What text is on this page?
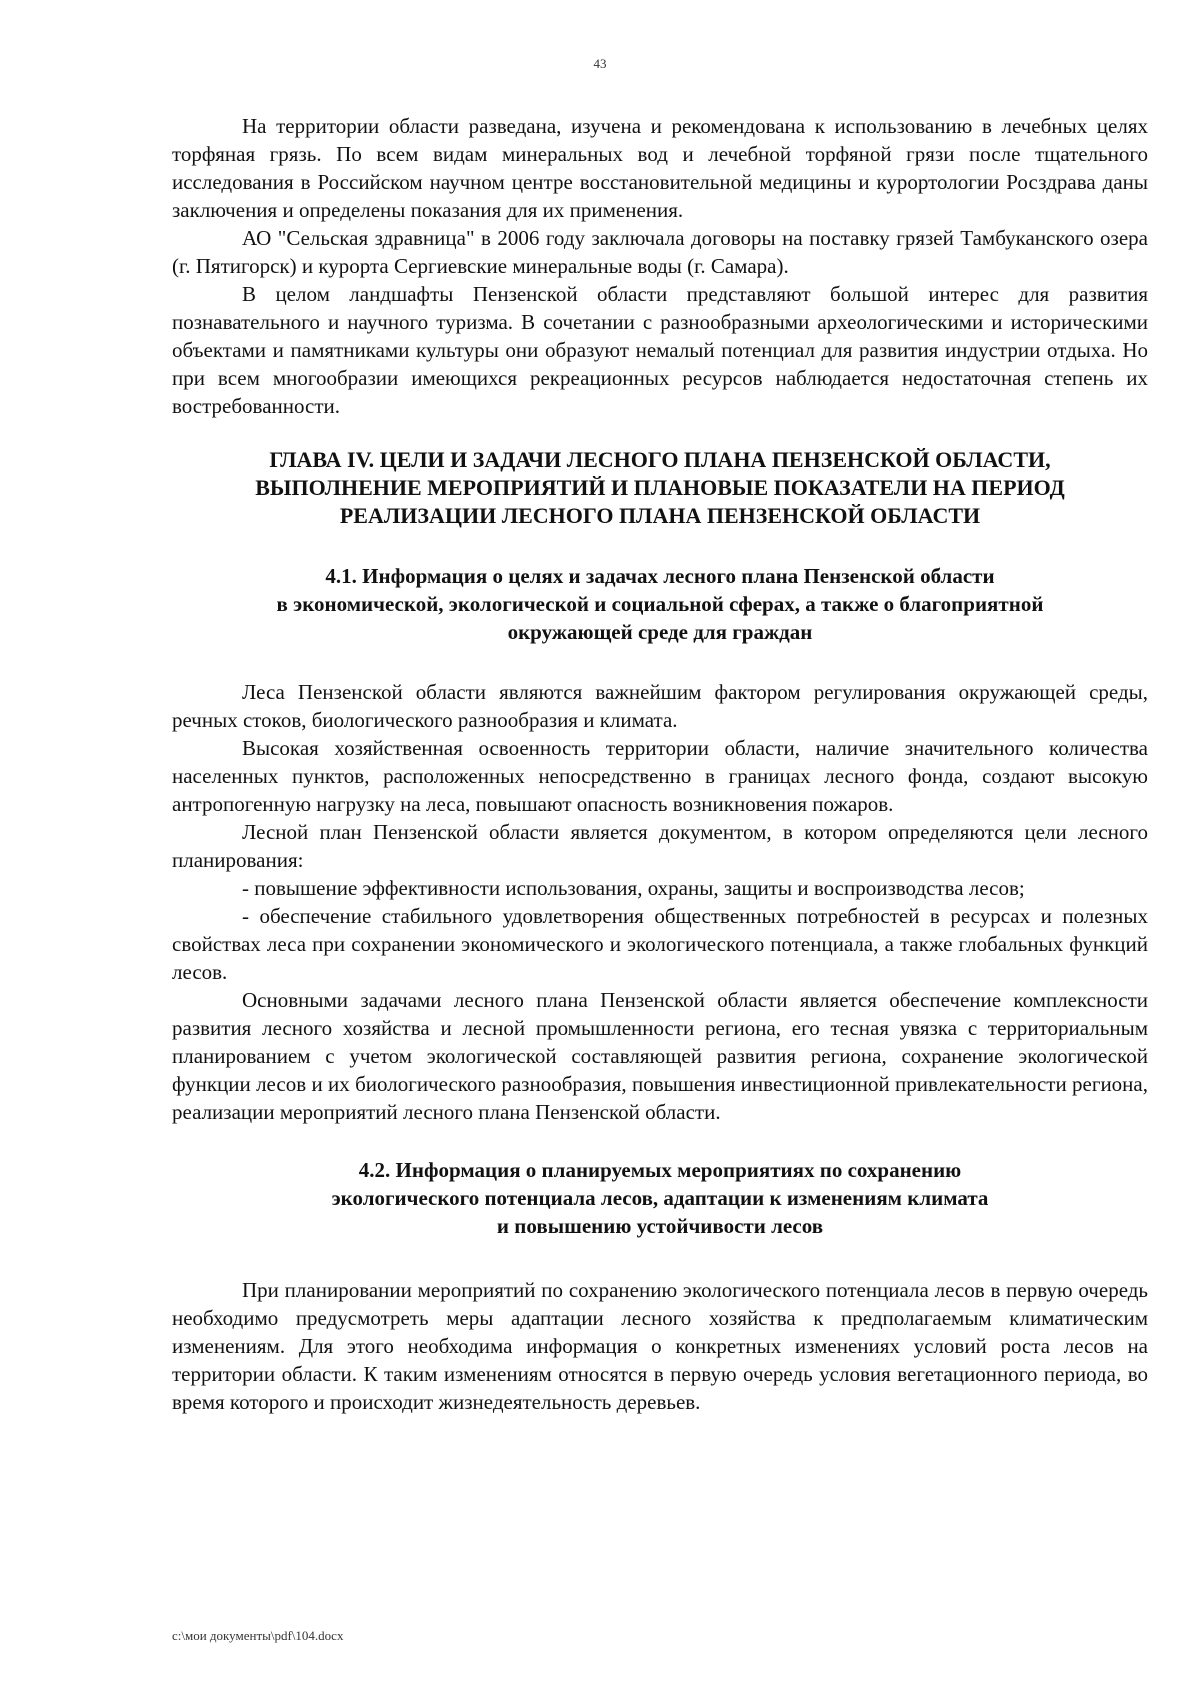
43

На территории области разведана, изучена и рекомендована к использованию в лечебных целях торфяная грязь. По всем видам минеральных вод и лечебной торфяной грязи после тщательного исследования в Российском научном центре восстановительной медицины и курортологии Росздрава даны заключения и определены показания для их применения.

АО "Сельская здравница" в 2006 году заключала договоры на поставку грязей Тамбуканского озера (г. Пятигорск) и курорта Сергиевские минеральные воды (г. Самара).

В целом ландшафты Пензенской области представляют большой интерес для развития познавательного и научного туризма. В сочетании с разнообразными археологическими и историческими объектами и памятниками культуры они образуют немалый потенциал для развития индустрии отдыха. Но при всем многообразии имеющихся рекреационных ресурсов наблюдается недостаточная степень их востребованности.

ГЛАВА IV. ЦЕЛИ И ЗАДАЧИ ЛЕСНОГО ПЛАНА ПЕНЗЕНСКОЙ ОБЛАСТИ,
ВЫПОЛНЕНИЕ МЕРОПРИЯТИЙ И ПЛАНОВЫЕ ПОКАЗАТЕЛИ НА ПЕРИОД
РЕАЛИЗАЦИИ ЛЕСНОГО ПЛАНА ПЕНЗЕНСКОЙ ОБЛАСТИ
4.1. Информация о целях и задачах лесного плана Пензенской области
в экономической, экологической и социальной сферах, а также о благоприятной
окружающей среде для граждан

Леса Пензенской области являются важнейшим фактором регулирования окружающей среды, речных стоков, биологического разнообразия и климата.

Высокая хозяйственная освоенность территории области, наличие значительного количества населенных пунктов, расположенных непосредственно в границах лесного фонда, создают высокую антропогенную нагрузку на леса, повышают опасность возникновения пожаров.

Лесной план Пензенской области является документом, в котором определяются цели лесного планирования:

- повышение эффективности использования, охраны, защиты и воспроизводства лесов;

- обеспечение стабильного удовлетворения общественных потребностей в ресурсах и полезных свойствах леса при сохранении экономического и экологического потенциала, а также глобальных функций лесов.

Основными задачами лесного плана Пензенской области является обеспечение комплексности развития лесного хозяйства и лесной промышленности региона, его тесная увязка с территориальным планированием с учетом экологической составляющей развития региона, сохранение экологической функции лесов и их биологического разнообразия, повышения инвестиционной привлекательности региона, реализации мероприятий лесного плана Пензенской области.

4.2. Информация о планируемых мероприятиях по сохранению
экологического потенциала лесов, адаптации к изменениям климата
и повышению устойчивости лесов

При планировании мероприятий по сохранению экологического потенциала лесов в первую очередь необходимо предусмотреть меры адаптации лесного хозяйства к предполагаемым климатическим изменениям. Для этого необходима информация о конкретных изменениях условий роста лесов на территории области. К таким изменениям относятся в первую очередь условия вегетационного периода, во время которого и происходит жизнедеятельность деревьев.

c:\мои документы\pdf\104.docx
